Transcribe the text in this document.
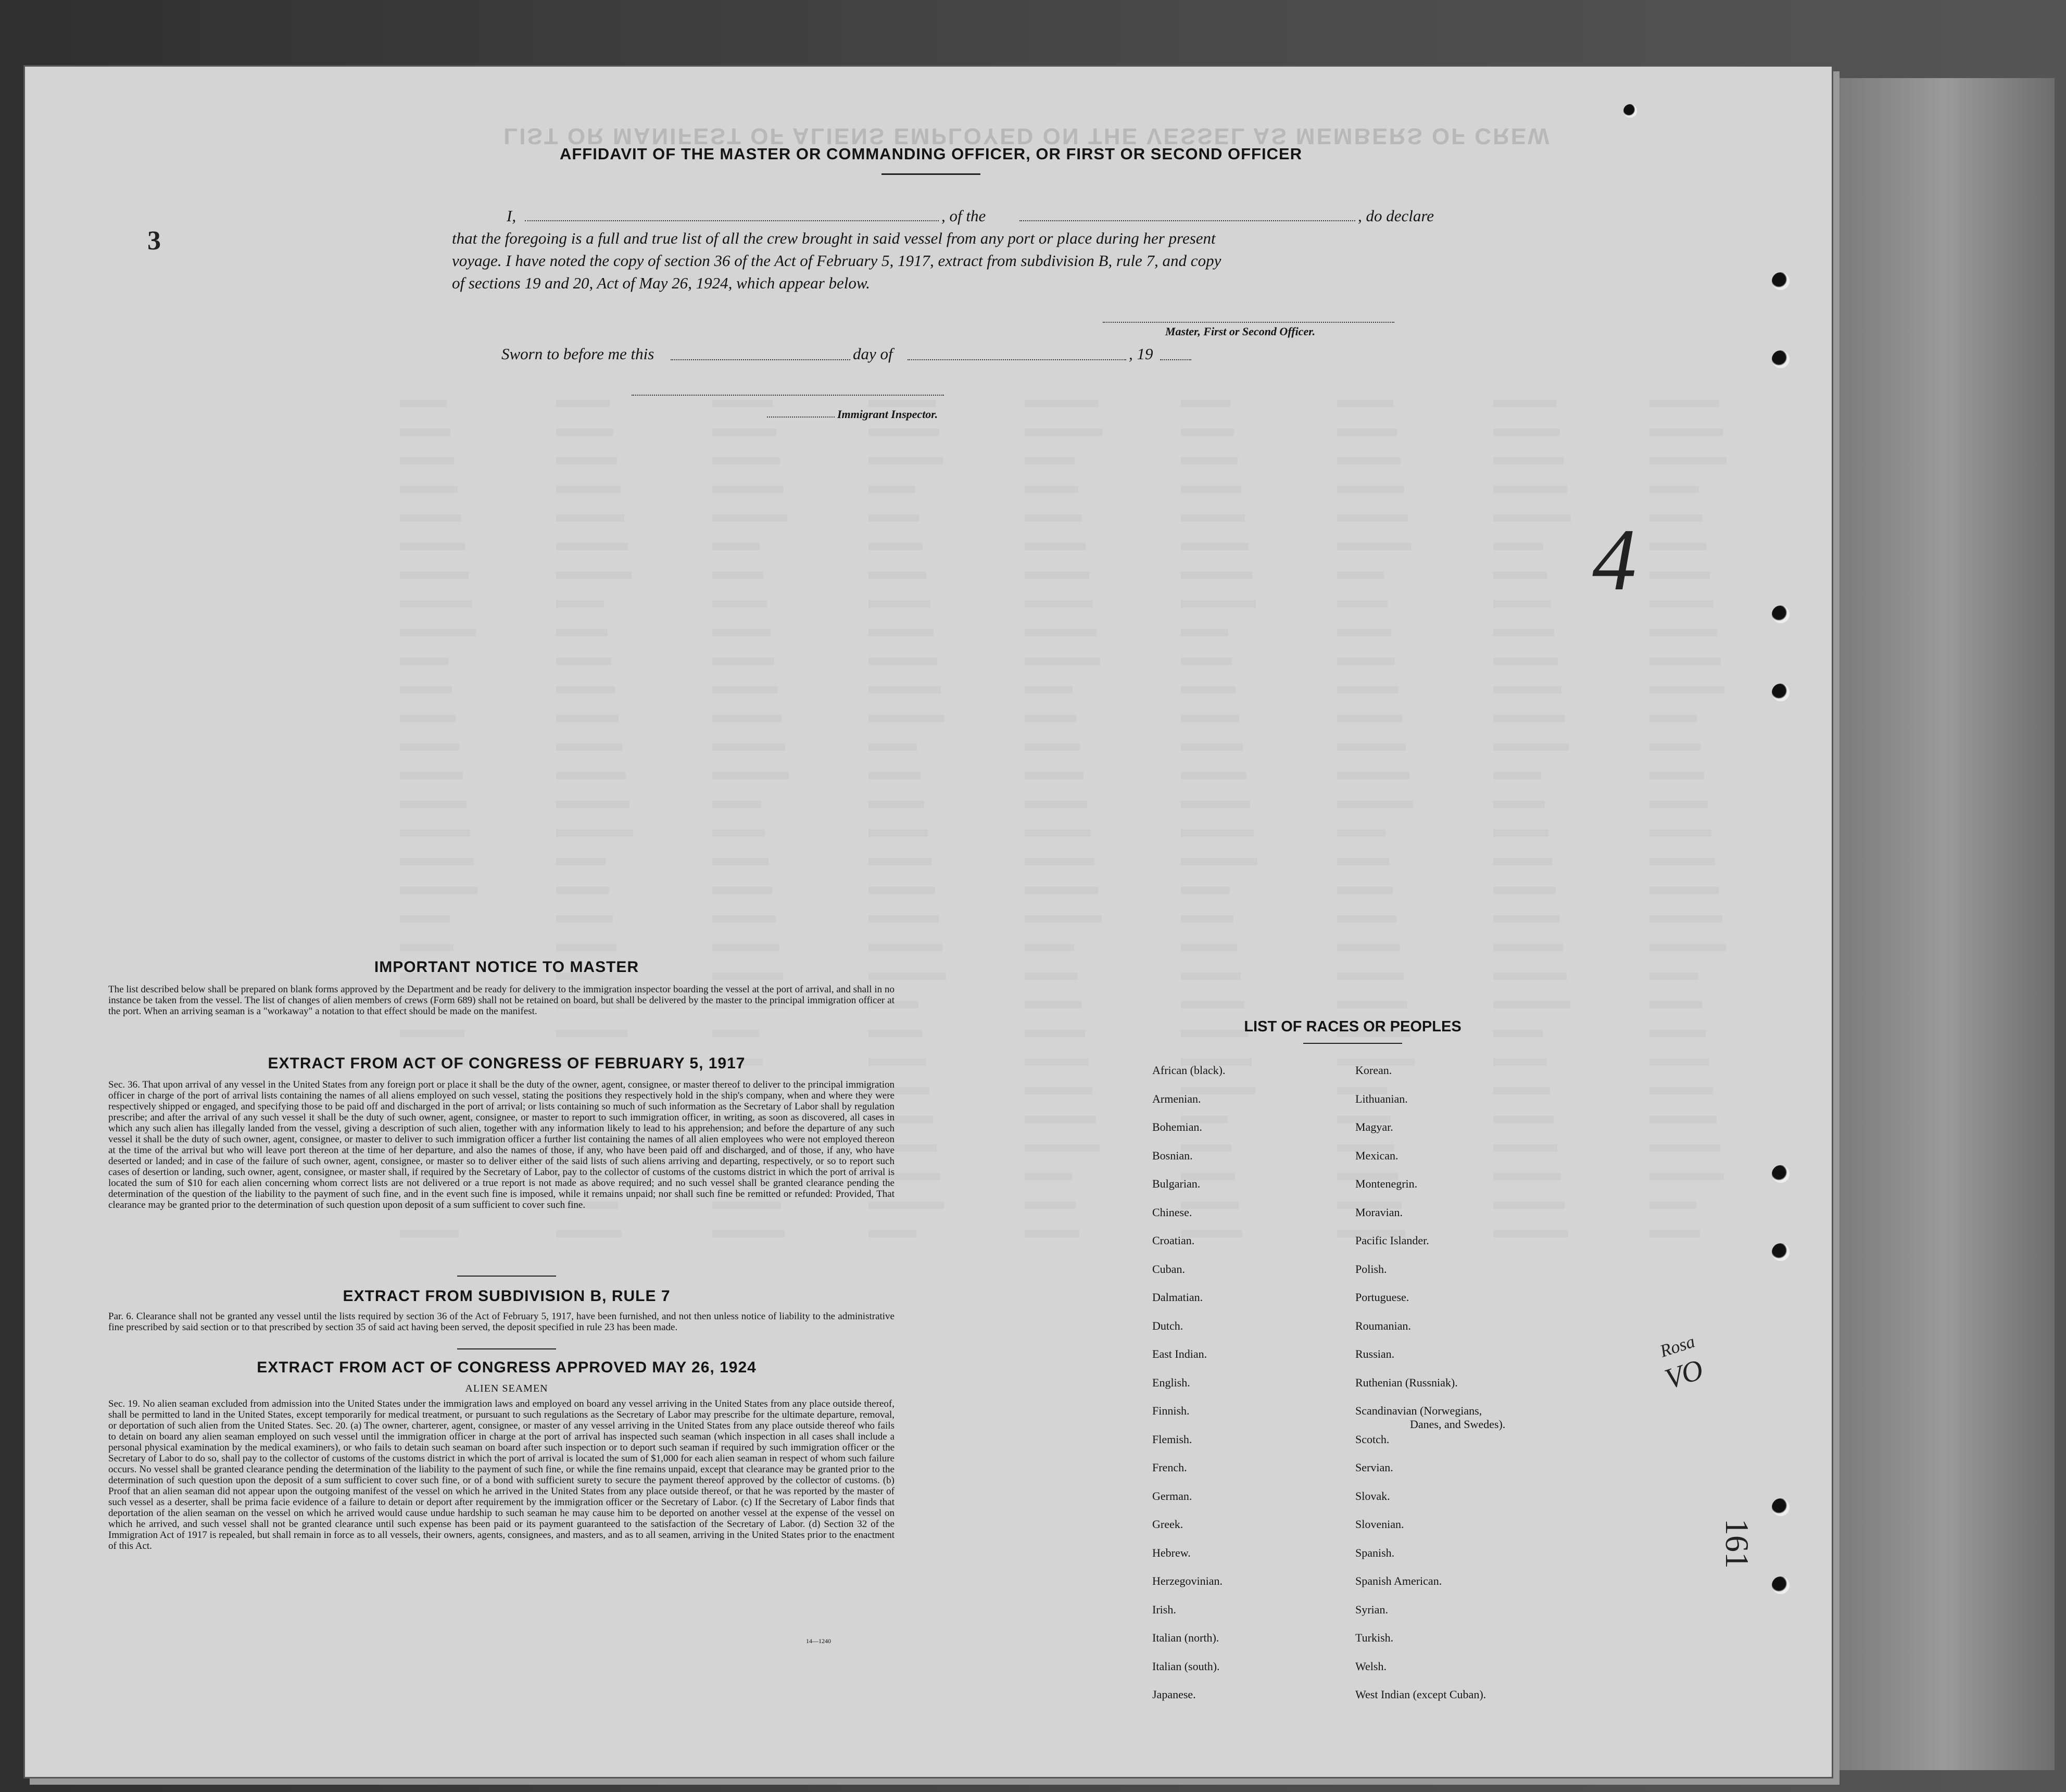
LIST OR MANIFEST OF ALIENS EMPLOYED ON THE VESSEL AS MEMBERS OF CREW
AFFIDAVIT OF THE MASTER OR COMMANDING OFFICER, OR FIRST OR SECOND OFFICER
I,	, of the	, do declare
that the foregoing is a full and true list of all the crew brought in said vessel from any port or place during her present
voyage. I have noted the copy of section 36 of the Act of February 5, 1917, extract from subdivision B, rule 7, and copy
of sections 19 and 20, Act of May 26, 1924, which appear below.
Master, First or Second Officer.
Sworn to before me this	day of	, 19
Immigrant Inspector.
IMPORTANT NOTICE TO MASTER
The list described below shall be prepared on blank forms approved by the Department and be ready for delivery to the immigration inspector boarding the vessel at the port of arrival, and shall in no instance be taken from the vessel. The list of changes of alien members of crews (Form 689) shall not be retained on board, but shall be delivered by the master to the principal immigration officer at the port. When an arriving seaman is a "workaway" a notation to that effect should be made on the manifest.
EXTRACT FROM ACT OF CONGRESS OF FEBRUARY 5, 1917
Sec. 36. That upon arrival of any vessel in the United States from any foreign port or place it shall be the duty of the owner, agent, consignee, or master thereof to deliver to the principal immigration officer in charge of the port of arrival lists containing the names of all aliens employed on such vessel, stating the positions they respectively hold in the ship's company, when and where they were respectively shipped or engaged, and specifying those to be paid off and discharged in the port of arrival; or lists containing so much of such information as the Secretary of Labor shall by regulation prescribe; and after the arrival of any such vessel it shall be the duty of such owner, agent, consignee, or master to report to such immigration officer, in writing, as soon as discovered, all cases in which any such alien has illegally landed from the vessel, giving a description of such alien, together with any information likely to lead to his apprehension; and before the departure of any such vessel it shall be the duty of such owner, agent, consignee, or master to deliver to such immigration officer a further list containing the names of all alien employees who were not employed thereon at the time of the arrival but who will leave port thereon at the time of her departure, and also the names of those, if any, who have been paid off and discharged, and of those, if any, who have deserted or landed; and in case of the failure of such owner, agent, consignee, or master so to deliver either of the said lists of such aliens arriving and departing, respectively, or so to report such cases of desertion or landing, such owner, agent, consignee, or master shall, if required by the Secretary of Labor, pay to the collector of customs of the customs district in which the port of arrival is located the sum of $10 for each alien concerning whom correct lists are not delivered or a true report is not made as above required; and no such vessel shall be granted clearance pending the determination of the question of the liability to the payment of such fine, and in the event such fine is imposed, while it remains unpaid; nor shall such fine be remitted or refunded: Provided, That clearance may be granted prior to the determination of such question upon deposit of a sum sufficient to cover such fine.
EXTRACT FROM SUBDIVISION B, RULE 7
Par. 6. Clearance shall not be granted any vessel until the lists required by section 36 of the Act of February 5, 1917, have been furnished, and not then unless notice of liability to the administrative fine prescribed by said section or to that prescribed by section 35 of said act having been served, the deposit specified in rule 23 has been made.
EXTRACT FROM ACT OF CONGRESS APPROVED MAY 26, 1924
ALIEN SEAMEN
Sec. 19. No alien seaman excluded from admission into the United States under the immigration laws and employed on board any vessel arriving in the United States from any place outside thereof, shall be permitted to land in the United States, except temporarily for medical treatment, or pursuant to such regulations as the Secretary of Labor may prescribe for the ultimate departure, removal, or deportation of such alien from the United States. Sec. 20. (a) The owner, charterer, agent, consignee, or master of any vessel arriving in the United States from any place outside thereof who fails to detain on board any alien seaman employed on such vessel until the immigration officer in charge at the port of arrival has inspected such seaman (which inspection in all cases shall include a personal physical examination by the medical examiners), or who fails to detain such seaman on board after such inspection or to deport such seaman if required by such immigration officer or the Secretary of Labor to do so, shall pay to the collector of customs of the customs district in which the port of arrival is located the sum of $1,000 for each alien seaman in respect of whom such failure occurs. No vessel shall be granted clearance pending the determination of the liability to the payment of such fine, or while the fine remains unpaid, except that clearance may be granted prior to the determination of such question upon the deposit of a sum sufficient to cover such fine, or of a bond with sufficient surety to secure the payment thereof approved by the collector of customs. (b) Proof that an alien seaman did not appear upon the outgoing manifest of the vessel on which he arrived in the United States from any place outside thereof, or that he was reported by the master of such vessel as a deserter, shall be prima facie evidence of a failure to detain or deport after requirement by the immigration officer or the Secretary of Labor. (c) If the Secretary of Labor finds that deportation of the alien seaman on the vessel on which he arrived would cause undue hardship to such seaman he may cause him to be deported on another vessel at the expense of the vessel on which he arrived, and such vessel shall not be granted clearance until such expense has been paid or its payment guaranteed to the satisfaction of the Secretary of Labor. (d) Section 32 of the Immigration Act of 1917 is repealed, but shall remain in force as to all vessels, their owners, agents, consignees, and masters, and as to all seamen, arriving in the United States prior to the enactment of this Act.
14—1240
LIST OF RACES OR PEOPLES
African (black).
Armenian.
Bohemian.
Bosnian.
Bulgarian.
Chinese.
Croatian.
Cuban.
Dalmatian.
Dutch.
East Indian.
English.
Finnish.
Flemish.
French.
German.
Greek.
Hebrew.
Herzegovinian.
Irish.
Italian (north).
Italian (south).
Japanese.
Korean.
Lithuanian.
Magyar.
Mexican.
Montenegrin.
Moravian.
Pacific Islander.
Polish.
Portuguese.
Roumanian.
Russian.
Ruthenian (Russniak).
Scandinavian (Norwegians,
Danes, and Swedes).
Scotch.
Servian.
Slovak.
Slovenian.
Spanish.
Spanish American.
Syrian.
Turkish.
Welsh.
West Indian (except Cuban).
3
4
Rosa
VO
161
